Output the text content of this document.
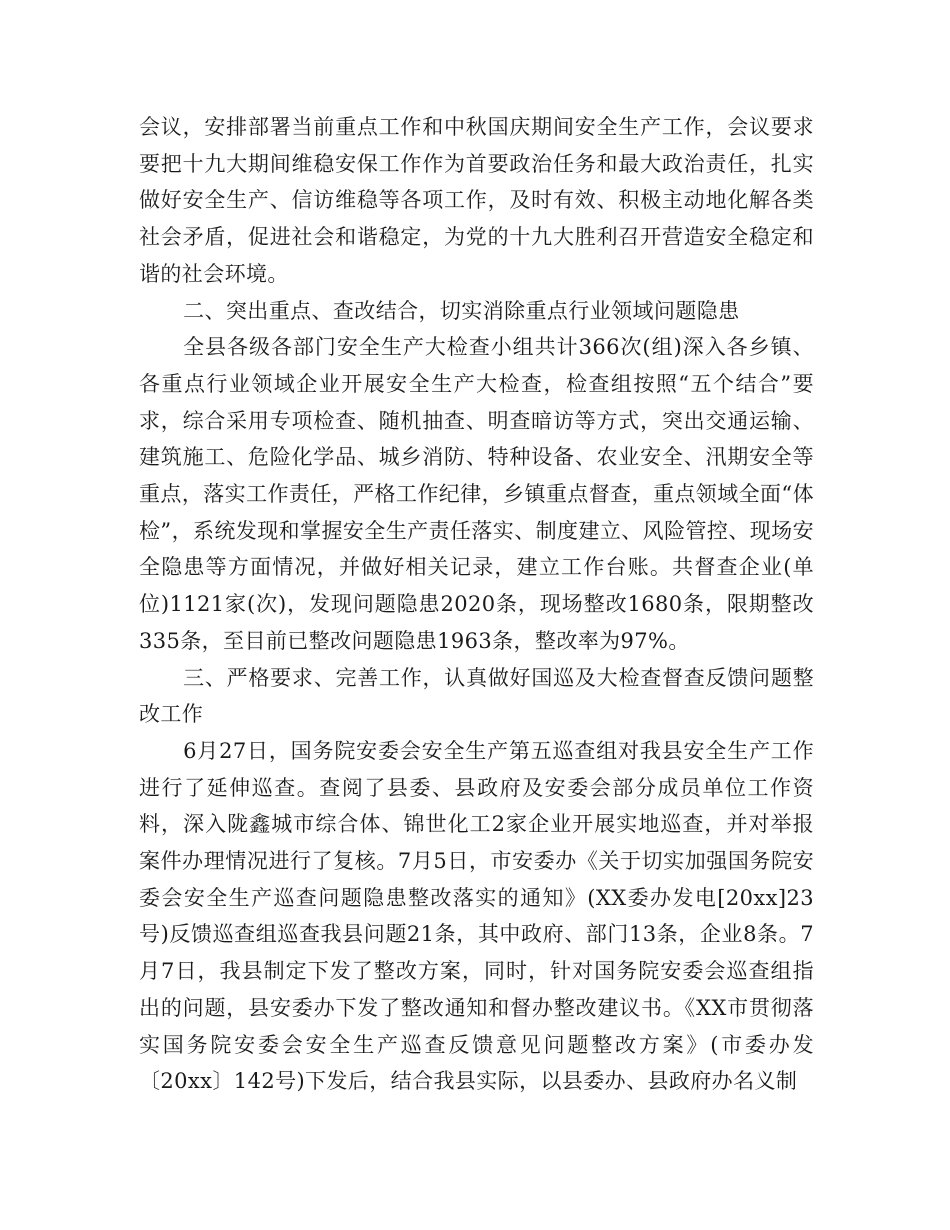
会议，安排部署当前重点工作和中秋国庆期间安全生产工作，会议要求要把十九大期间维稳安保工作作为首要政治任务和最大政治责任，扎实做好安全生产、信访维稳等各项工作，及时有效、积极主动地化解各类社会矛盾，促进社会和谐稳定，为党的十九大胜利召开营造安全稳定和谐的社会环境。

二、突出重点、查改结合，切实消除重点行业领域问题隐患

全县各级各部门安全生产大检查小组共计366次(组)深入各乡镇、各重点行业领域企业开展安全生产大检查，检查组按照“五个结合”要求，综合采用专项检查、随机抽查、明查暗访等方式，突出交通运输、建筑施工、危险化学品、城乡消防、特种设备、农业安全、汛期安全等重点，落实工作责任，严格工作纪律，乡镇重点督查，重点领域全面“体检”，系统发现和掌握安全生产责任落实、制度建立、风险管控、现场安全隐患等方面情况，并做好相关记录，建立工作台账。共督查企业(单位)1121家(次)，发现问题隐患2020条，现场整改1680条，限期整改335条，至目前已整改问题隐患1963条，整改率为97%。

三、严格要求、完善工作，认真做好国巡及大检查督查反馈问题整改工作

6月27日，国务院安委会安全生产第五巡查组对我县安全生产工作进行了延伸巡查。查阅了县委、县政府及安委会部分成员单位工作资料，深入陇鑫城市综合体、锦世化工2家企业开展实地巡查，并对举报案件办理情况进行了复核。7月5日，市安委办《关于切实加强国务院安委会安全生产巡查问题隐患整改落实的通知》(XX委办发电[20xx]23号)反馈巡查组巡查我县问题21条，其中政府、部门13条，企业8条。7月7日，我县制定下发了整改方案，同时，针对国务院安委会巡查组指出的问题，县安委办下发了整改通知和督办整改建议书。《XX市贯彻落实国务院安委会安全生产巡查反馈意见问题整改方案》(市委办发〔20xx〕142号)下发后，结合我县实际，以县委办、县政府办名义制
